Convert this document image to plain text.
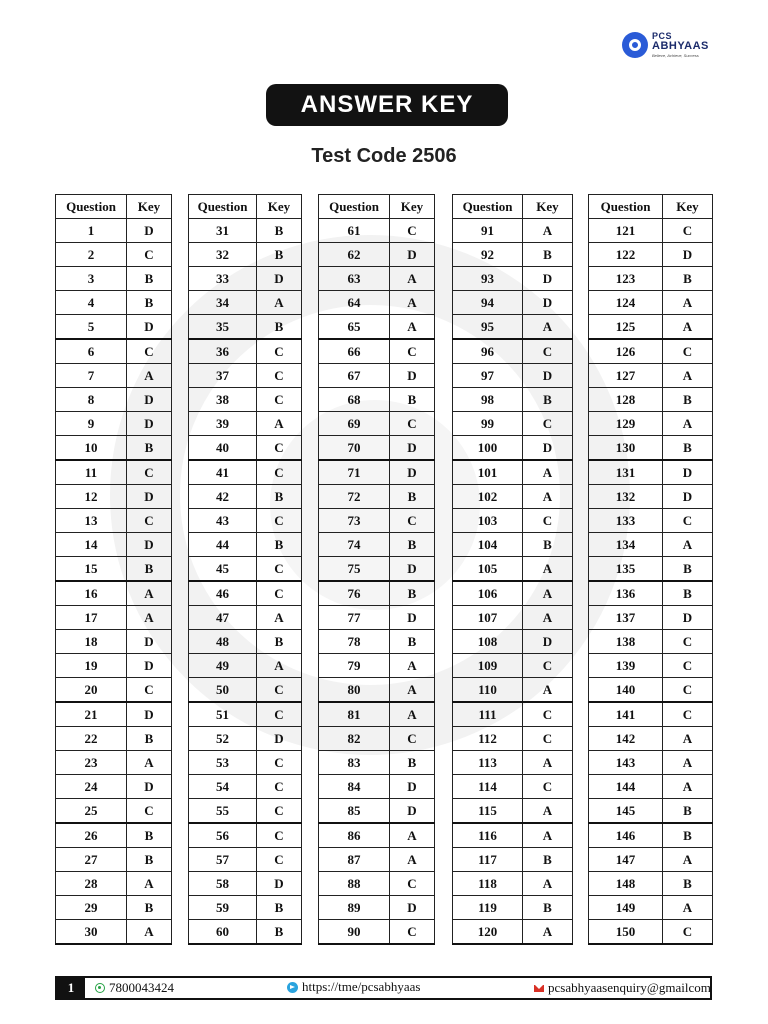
PCS
ABHYAAS
Believe, Achieve, Success
ANSWER KEY
Test Code 2506
Question	Key
1	D
2	C
3	B
4	B
5	D
6	C
7	A
8	D
9	D
10	B
11	C
12	D
13	C
14	D
15	B
16	A
17	A
18	D
19	D
20	C
21	D
22	B
23	A
24	D
25	C
26	B
27	B
28	A
29	B
30	A
Question	Key
31	B
32	B
33	D
34	A
35	B
36	C
37	C
38	C
39	A
40	C
41	C
42	B
43	C
44	B
45	C
46	C
47	A
48	B
49	A
50	C
51	C
52	D
53	C
54	C
55	C
56	C
57	C
58	D
59	B
60	B
Question	Key
61	C
62	D
63	A
64	A
65	A
66	C
67	D
68	B
69	C
70	D
71	D
72	B
73	C
74	B
75	D
76	B
77	D
78	B
79	A
80	A
81	A
82	C
83	B
84	D
85	D
86	A
87	A
88	C
89	D
90	C
Question	Key
91	A
92	B
93	D
94	D
95	A
96	C
97	D
98	B
99	C
100	D
101	A
102	A
103	C
104	B
105	A
106	A
107	A
108	D
109	C
110	A
111	C
112	C
113	A
114	C
115	A
116	A
117	B
118	A
119	B
120	A
Question	Key
121	C
122	D
123	B
124	A
125	A
126	C
127	A
128	B
129	A
130	B
131	D
132	D
133	C
134	A
135	B
136	B
137	D
138	C
139	C
140	C
141	C
142	A
143	A
144	A
145	B
146	B
147	A
148	B
149	A
150	C
1	7800043424	https://tme/pcsabhyaas	pcsabhyaasenquiry@gmailcom
